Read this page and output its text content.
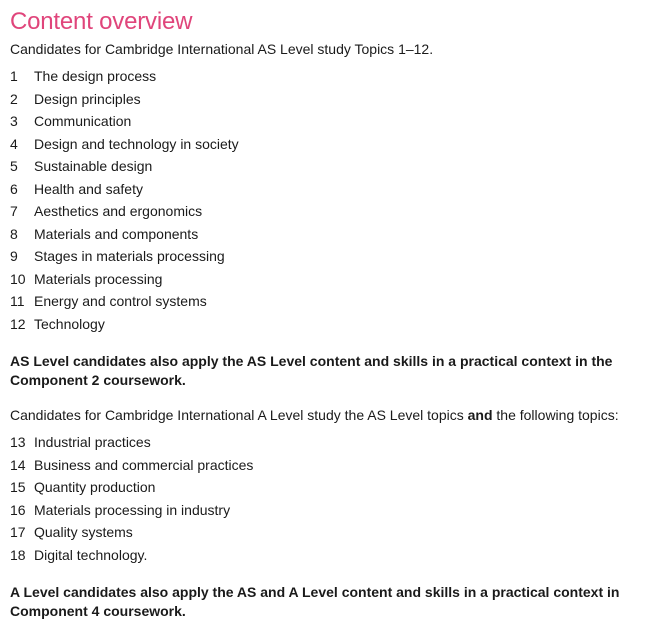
Content overview
Candidates for Cambridge International AS Level study Topics 1–12.
1 The design process
2 Design principles
3 Communication
4 Design and technology in society
5 Sustainable design
6 Health and safety
7 Aesthetics and ergonomics
8 Materials and components
9 Stages in materials processing
10 Materials processing
11 Energy and control systems
12 Technology
AS Level candidates also apply the AS Level content and skills in a practical context in the Component 2 coursework.
Candidates for Cambridge International A Level study the AS Level topics and the following topics:
13 Industrial practices
14 Business and commercial practices
15 Quantity production
16 Materials processing in industry
17 Quality systems
18 Digital technology.
A Level candidates also apply the AS and A Level content and skills in a practical context in Component 4 coursework.
